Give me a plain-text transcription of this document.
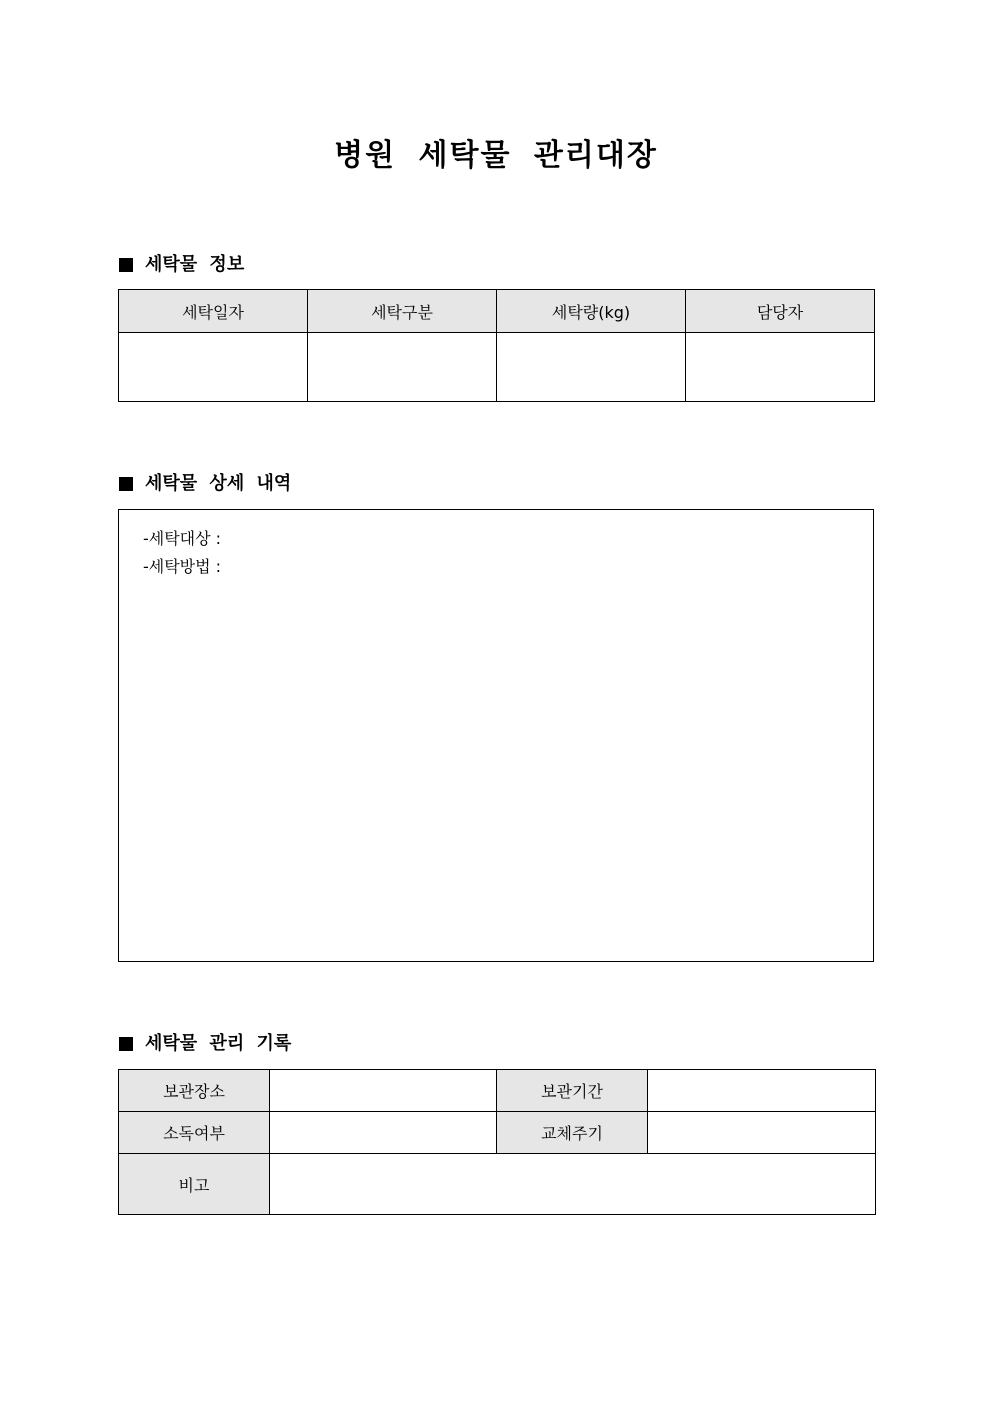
병원 세탁물 관리대장
세탁물 정보
세탁일자	세탁구분	세탁량(kg)	담당자

세탁물 상세 내역
-세탁대상 :
-세탁방법 :
세탁물 관리 기록
보관장소		보관기간	
소독여부		교체주기	
비고			
